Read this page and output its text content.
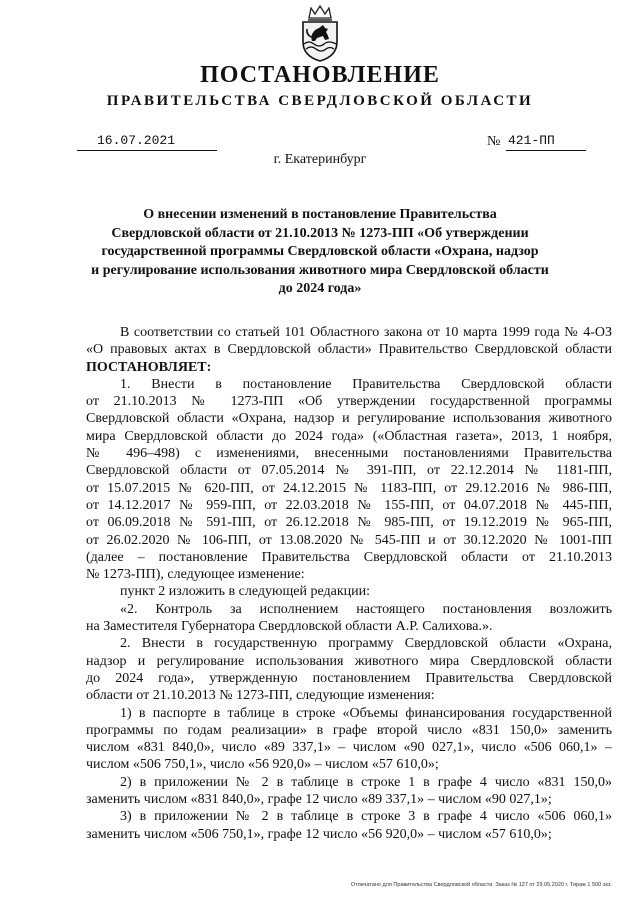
ПОСТАНОВЛЕНИЕ
ПРАВИТЕЛЬСТВА СВЕРДЛОВСКОЙ ОБЛАСТИ
16.07.2021	№ 421-ПП
г. Екатеринбург
О внесении изменений в постановление Правительства
Свердловской области от 21.10.2013 № 1273-ПП «Об утверждении
государственной программы Свердловской области «Охрана, надзор
и регулирование использования животного мира Свердловской области
до 2024 года»

В соответствии со статьей 101 Областного закона от 10 марта 1999 года № 4-ОЗ

«О правовых актах в Свердловской области» Правительство Свердловской области

ПОСТАНОВЛЯЕТ:

1. Внести в постановление Правительства Свердловской области

от 21.10.2013 № 1273-ПП «Об утверждении государственной программы

Свердловской области «Охрана, надзор и регулирование использования животного

мира Свердловской области до 2024 года» («Областная газета», 2013, 1 ноября,

№ 496–498) с изменениями, внесенными постановлениями Правительства

Свердловской области от 07.05.2014 № 391-ПП, от 22.12.2014 № 1181-ПП,

от 15.07.2015 № 620-ПП, от 24.12.2015 № 1183-ПП, от 29.12.2016 № 986-ПП,

от 14.12.2017 № 959-ПП, от 22.03.2018 № 155-ПП, от 04.07.2018 № 445-ПП,

от 06.09.2018 № 591-ПП, от 26.12.2018 № 985-ПП, от 19.12.2019 № 965-ПП,

от 26.02.2020 № 106-ПП, от 13.08.2020 № 545-ПП и от 30.12.2020 № 1001-ПП

(далее – постановление Правительства Свердловской области от 21.10.2013

№ 1273-ПП), следующее изменение:

пункт 2 изложить в следующей редакции:

«2. Контроль за исполнением настоящего постановления возложить

на Заместителя Губернатора Свердловской области А.Р. Салихова.».

2. Внести в государственную программу Свердловской области «Охрана,

надзор и регулирование использования животного мира Свердловской области

до 2024 года», утвержденную постановлением Правительства Свердловской

области от 21.10.2013 № 1273-ПП, следующие изменения:

1) в паспорте в таблице в строке «Объемы финансирования государственной

программы по годам реализации» в графе второй число «831 150,0» заменить

числом «831 840,0», число «89 337,1» – числом «90 027,1», число «506 060,1» –

числом «506 750,1», число «56 920,0» – числом «57 610,0»;

2) в приложении № 2 в таблице в строке 1 в графе 4 число «831 150,0»

заменить числом «831 840,0», графе 12 число «89 337,1» – числом «90 027,1»;

3) в приложении № 2 в таблице в строке 3 в графе 4 число «506 060,1»

заменить числом «506 750,1», графе 12 число «56 920,0» – числом «57 610,0»;

Отпечатано для Правительства Свердловской области. Заказ № 127 от 29.05.2020 г. Тираж 1 500 экз.
